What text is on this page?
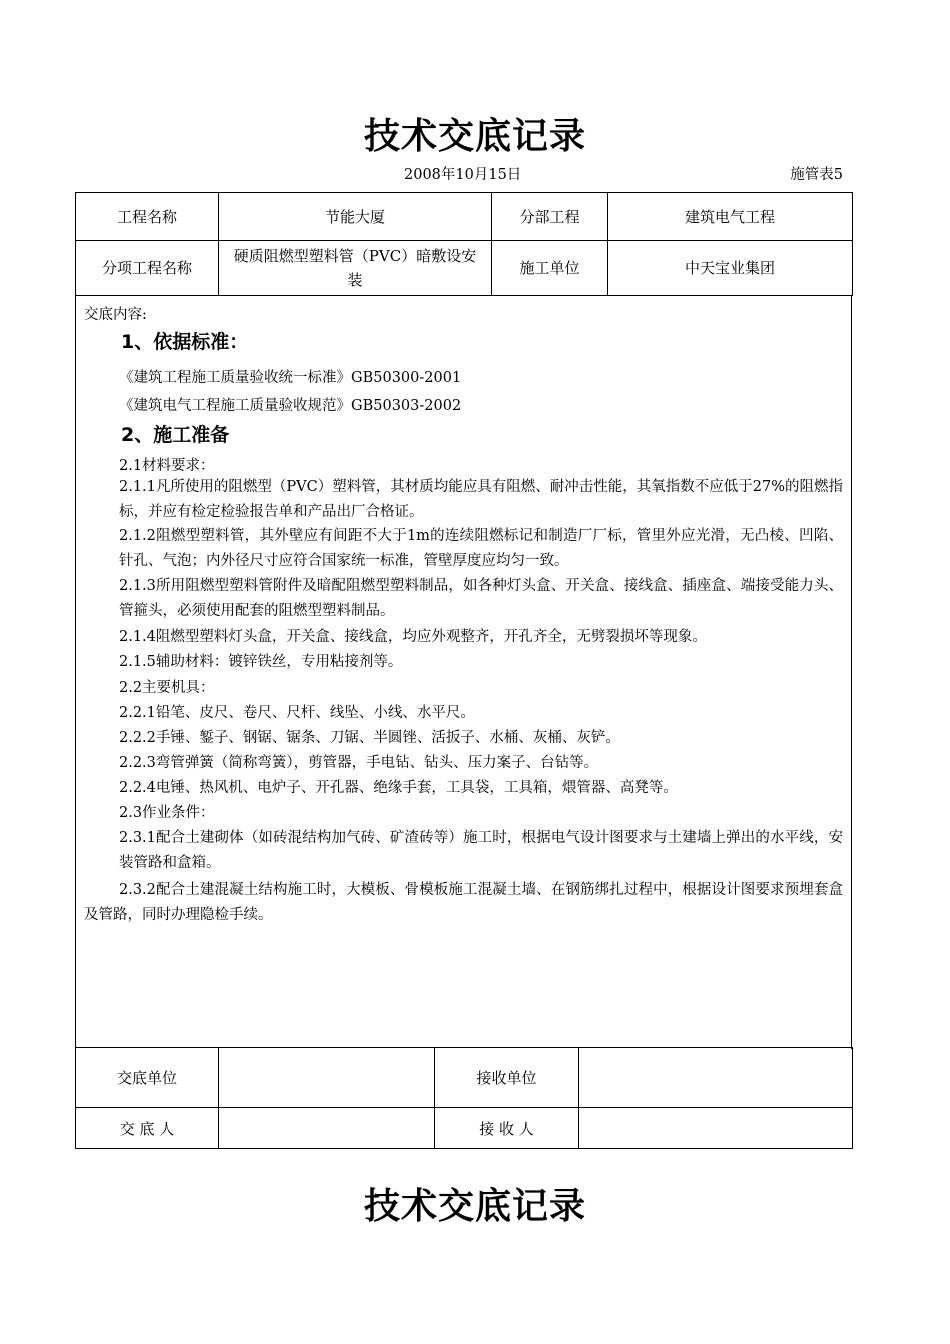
技术交底记录
2008年10月15日	施管表5
工程名称	节能大厦	分部工程	建筑电气工程
分项工程名称	硬质阻燃型塑料管（PVC）暗敷设安装	施工单位	中天宝业集团
交底内容:
1、依据标准：
《建筑工程施工质量验收统一标准》GB50300-2001
《建筑电气工程施工质量验收规范》GB50303-2002
2、施工准备
2.1材料要求：
2.1.1凡所使用的阻燃型（PVC）塑料管，其材质均能应具有阻燃、耐冲击性能，其氧指数不应低于27%的阻燃指标，并应有检定检验报告单和产品出厂合格证。
2.1.2阻燃型塑料管，其外壁应有间距不大于1m的连续阻燃标记和制造厂厂标，管里外应光滑，无凸棱、凹陷、针孔、气泡；内外径尺寸应符合国家统一标准，管壁厚度应均匀一致。
2.1.3所用阻燃型塑料管附件及暗配阻燃型塑料制品，如各种灯头盒、开关盒、接线盒、插座盒、端接受能力头、管箍头，必须使用配套的阻燃型塑料制品。
2.1.4阻燃型塑料灯头盒，开关盒、接线盒，均应外观整齐，开孔齐全，无劈裂损坏等现象。
2.1.5辅助材料：镀锌铁丝，专用粘接剂等。
2.2主要机具：
2.2.1铅笔、皮尺、卷尺、尺杆、线坠、小线、水平尺。
2.2.2手锤、錾子、钢锯、锯条、刀锯、半圆锉、活扳子、水桶、灰桶、灰铲。
2.2.3弯管弹簧（简称弯簧），剪管器，手电钻、钻头、压力案子、台钻等。
2.2.4电锤、热风机、电炉子、开孔器、绝缘手套，工具袋，工具箱，煨管器、高凳等。
2.3作业条件：
2.3.1配合土建砌体（如砖混结构加气砖、矿渣砖等）施工时，根据电气设计图要求与土建墙上弹出的水平线，安装管路和盒箱。
2.3.2配合土建混凝土结构施工时，大模板、骨模板施工混凝土墙、在钢筋绑扎过程中，根据设计图要求预埋套盒及管路，同时办理隐检手续。
交底单位		接收单位	
交 底 人		接 收 人	
技术交底记录
